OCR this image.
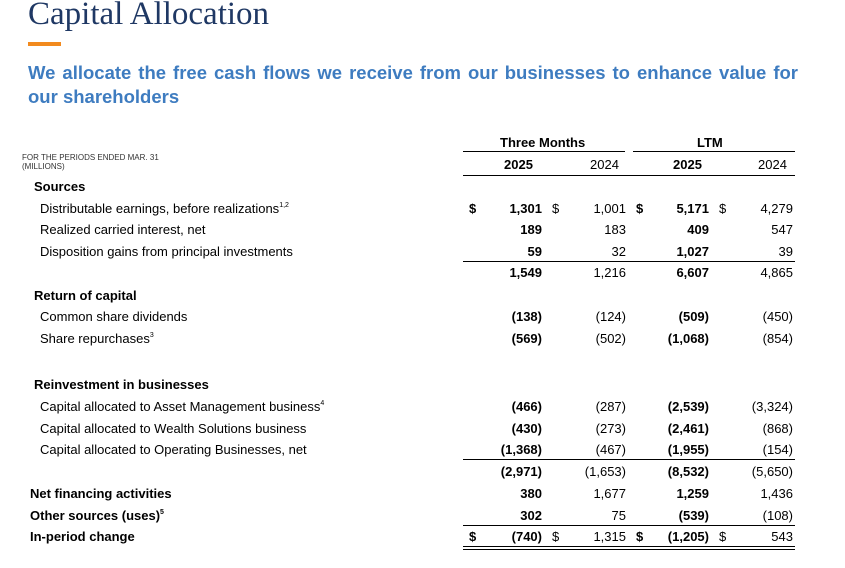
Capital Allocation
We allocate the free cash flows we receive from our businesses to enhance value for our shareholders
Three Months	LTM
2025	2024	2025	2024
FOR THE PERIODS ENDED MAR. 31
(MILLIONS)
Sources
Distributable earnings, before realizations$^{1,2}$	$	1,301 $	1,001 $	5,171 $	4,279
Realized carried interest, net	189	183	409	547
Disposition gains from principal investments	59	32	1,027	39
1,549	1,216	6,607	4,865
Return of capital
Common share dividends	(138)	(124)	(509)	(450)
Share repurchases$^3$	(569)	(502)	(1,068)	(854)
Reinvestment in businesses
Capital allocated to Asset Management business$^4$	(466)	(287)	(2,539)	(3,324)
Capital allocated to Wealth Solutions business	(430)	(273)	(2,461)	(868)
Capital allocated to Operating Businesses, net	(1,368)	(467)	(1,955)	(154)
(2,971)	(1,653)	(8,532)	(5,650)
Net financing activities	380	1,677	1,259	1,436
Other sources (uses)$^5$	302	75	(539)	(108)
In-period change	$	(740) $	1,315 $ (1,205) $	543
